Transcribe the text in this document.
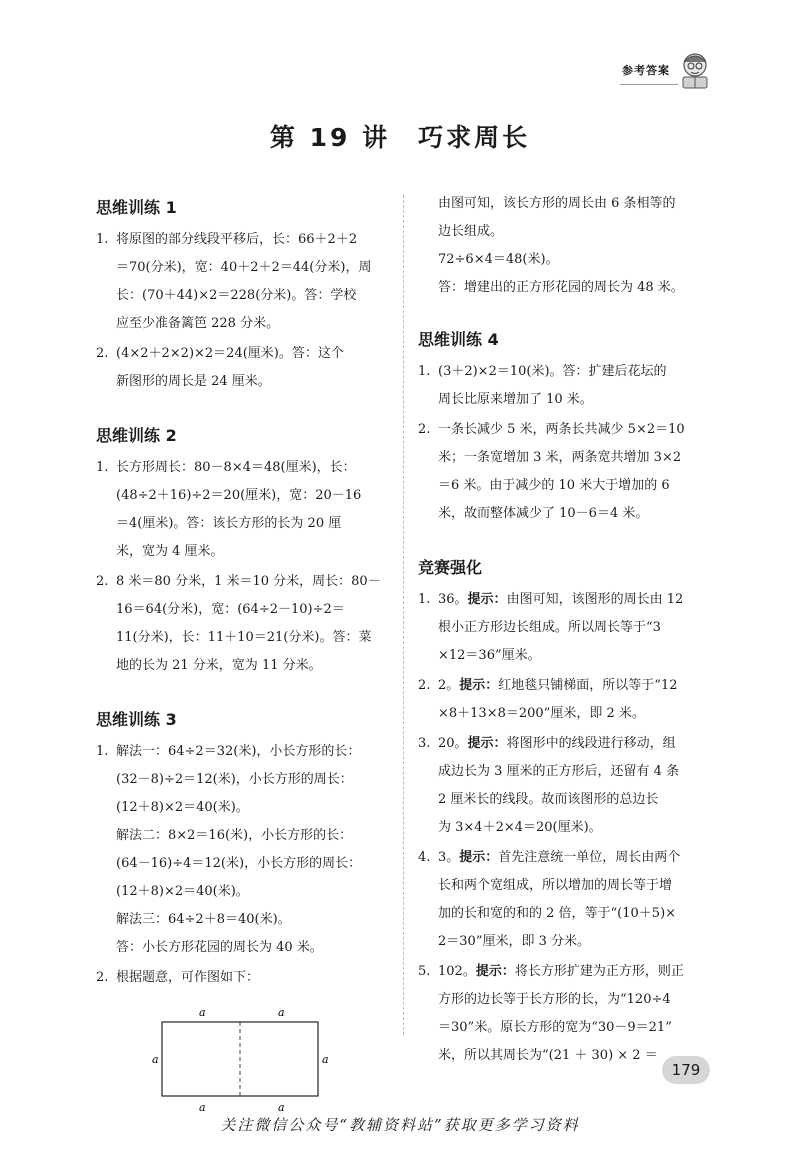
参考答案
第 19 讲　巧求周长
思维训练 1
1. 将原图的部分线段平移后，长：66＋2＋2
＝70(分米)，宽：40＋2＋2＝44(分米)，周
长：(70＋44)×2＝228(分米)。答：学校
应至少准备篱笆 228 分米。
2. (4×2＋2×2)×2＝24(厘米)。答：这个
新图形的周长是 24 厘米。
思维训练 2
1. 长方形周长：80－8×4＝48(厘米)，长：
(48÷2＋16)÷2＝20(厘米)，宽：20－16
＝4(厘米)。答：该长方形的长为 20 厘
米，宽为 4 厘米。
2. 8 米＝80 分米，1 米＝10 分米，周长：80－
16＝64(分米)，宽：(64÷2－10)÷2＝
11(分米)，长：11＋10＝21(分米)。答：菜
地的长为 21 分米，宽为 11 分米。
思维训练 3
1. 解法一：64÷2＝32(米)，小长方形的长：
(32－8)÷2＝12(米)，小长方形的周长：
(12＋8)×2＝40(米)。
解法二：8×2＝16(米)，小长方形的长：
(64－16)÷4＝12(米)，小长方形的周长：
(12＋8)×2＝40(米)。
解法三：64÷2＋8＝40(米)。
答：小长方形花园的周长为 40 米。
2. 根据题意，可作图如下：
a	a
a	a
a	a
由图可知，该长方形的周长由 6 条相等的
边长组成。
72÷6×4＝48(米)。
答：增建出的正方形花园的周长为 48 米。
思维训练 4
1. (3＋2)×2＝10(米)。答：扩建后花坛的
周长比原来增加了 10 米。
2. 一条长减少 5 米，两条长共减少 5×2＝10
米；一条宽增加 3 米，两条宽共增加 3×2
＝6 米。由于减少的 10 米大于增加的 6
米，故而整体减少了 10－6＝4 米。
竞赛强化
1. 36。提示：由图可知，该图形的周长由 12
根小正方形边长组成。所以周长等于“3
×12＝36”厘米。
2. 2。提示：红地毯只铺梯面，所以等于“12
×8＋13×8＝200”厘米，即 2 米。
3. 20。提示：将图形中的线段进行移动，组
成边长为 3 厘米的正方形后，还留有 4 条
2 厘米长的线段。故而该图形的总边长
为 3×4＋2×4＝20(厘米)。
4. 3。提示：首先注意统一单位，周长由两个
长和两个宽组成，所以增加的周长等于增
加的长和宽的和的 2 倍，等于“(10＋5)×
2＝30”厘米，即 3 分米。
5. 102。提示：将长方形扩建为正方形，则正
方形的边长等于长方形的长，为“120÷4
＝30”米。原长方形的宽为“30－9＝21”
米，所以其周长为“(21 ＋ 30) × 2 ＝
179
关注微信公众号“教辅资料站”获取更多学习资料
